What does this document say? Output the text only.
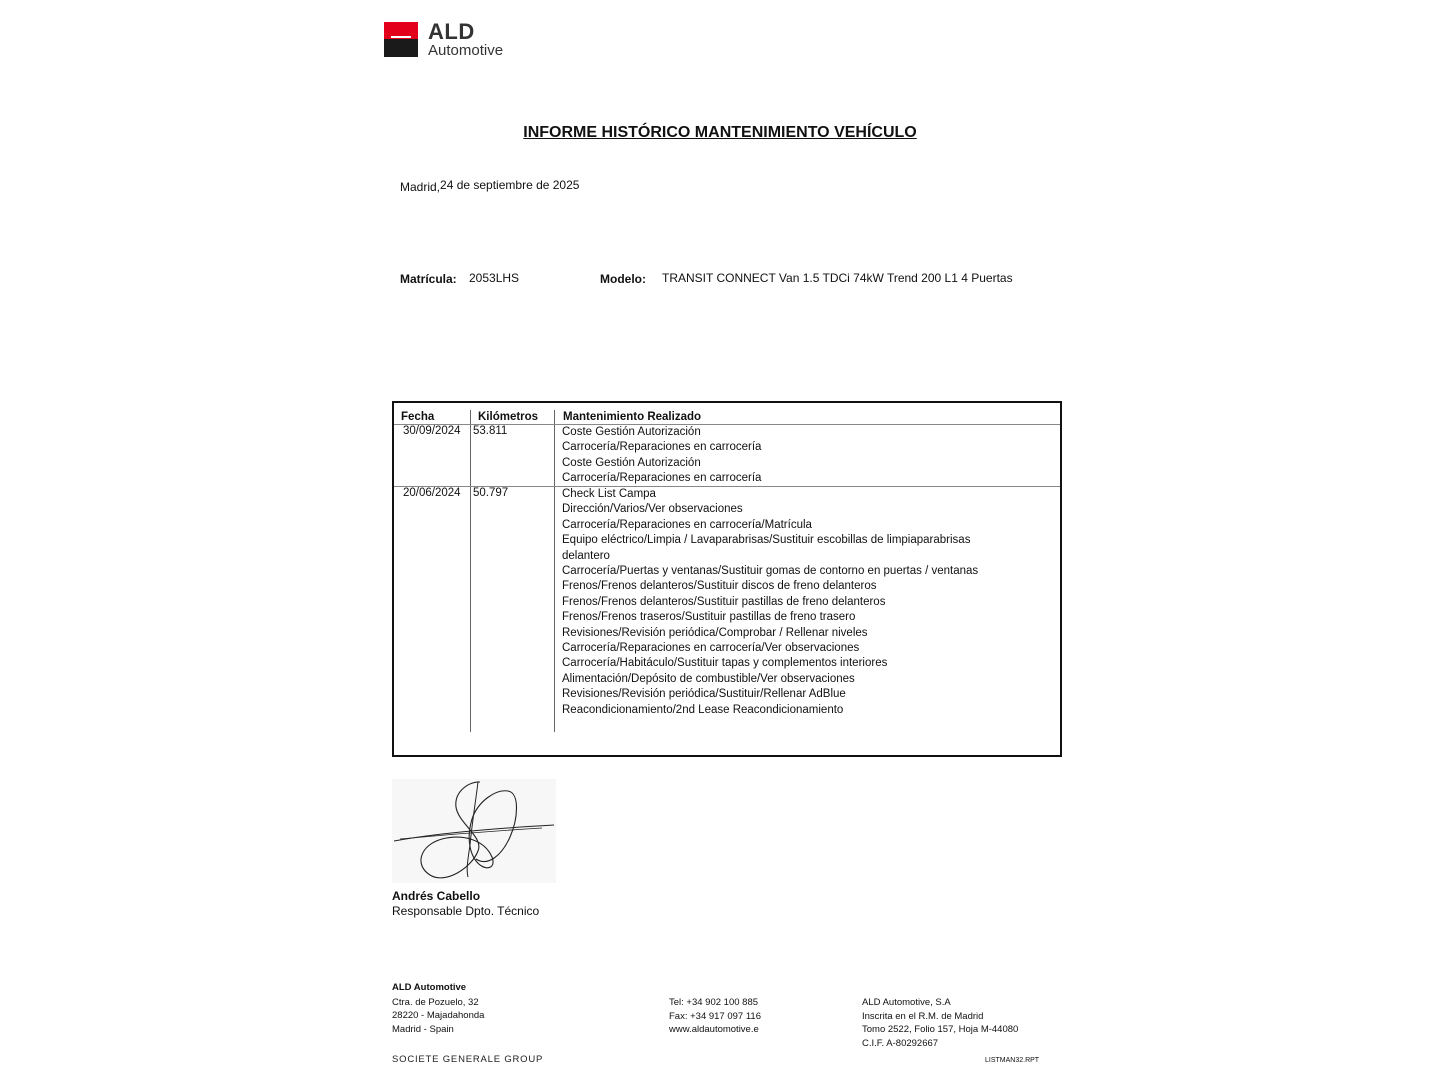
ALD
Automotive
INFORME HISTÓRICO MANTENIMIENTO VEHÍCULO
Madrid,24 de septiembre de 2025
Matrícula: 2053LHS	Modelo: TRANSIT CONNECT Van 1.5 TDCi 74kW Trend 200 L1 4 Puertas
Fecha	Kilómetros Mantenimiento Realizado
30/09/2024 53.811	Coste Gestión Autorización
Carrocería/Reparaciones en carrocería
Coste Gestión Autorización
Carrocería/Reparaciones en carrocería
20/06/2024 50.797	Check List Campa
Dirección/Varios/Ver observaciones
Carrocería/Reparaciones en carrocería/Matrícula
Equipo eléctrico/Limpia / Lavaparabrisas/Sustituir escobillas de limpiaparabrisas delantero
Carrocería/Puertas y ventanas/Sustituir gomas de contorno en puertas / ventanas
Frenos/Frenos delanteros/Sustituir discos de freno delanteros
Frenos/Frenos delanteros/Sustituir pastillas de freno delanteros
Frenos/Frenos traseros/Sustituir pastillas de freno trasero
Revisiones/Revisión periódica/Comprobar / Rellenar niveles
Carrocería/Reparaciones en carrocería/Ver observaciones
Carrocería/Habitáculo/Sustituir tapas y complementos interiores
Alimentación/Depósito de combustible/Ver observaciones
Revisiones/Revisión periódica/Sustituir/Rellenar AdBlue
Reacondicionamiento/2nd Lease Reacondicionamiento
Andrés Cabello
Responsable Dpto. Técnico
ALD Automotive
Ctra. de Pozuelo, 32
28220 - Majadahonda
Madrid - Spain
Tel: +34 902 100 885
Fax: +34 917 097 116
www.aldautomotive.e
ALD Automotive, S.A
Inscrita en el R.M. de Madrid
Tomo 2522, Folio 157, Hoja M-44080
C.I.F. A-80292667
SOCIETE GENERALE GROUP	LISTMAN32.RPT
